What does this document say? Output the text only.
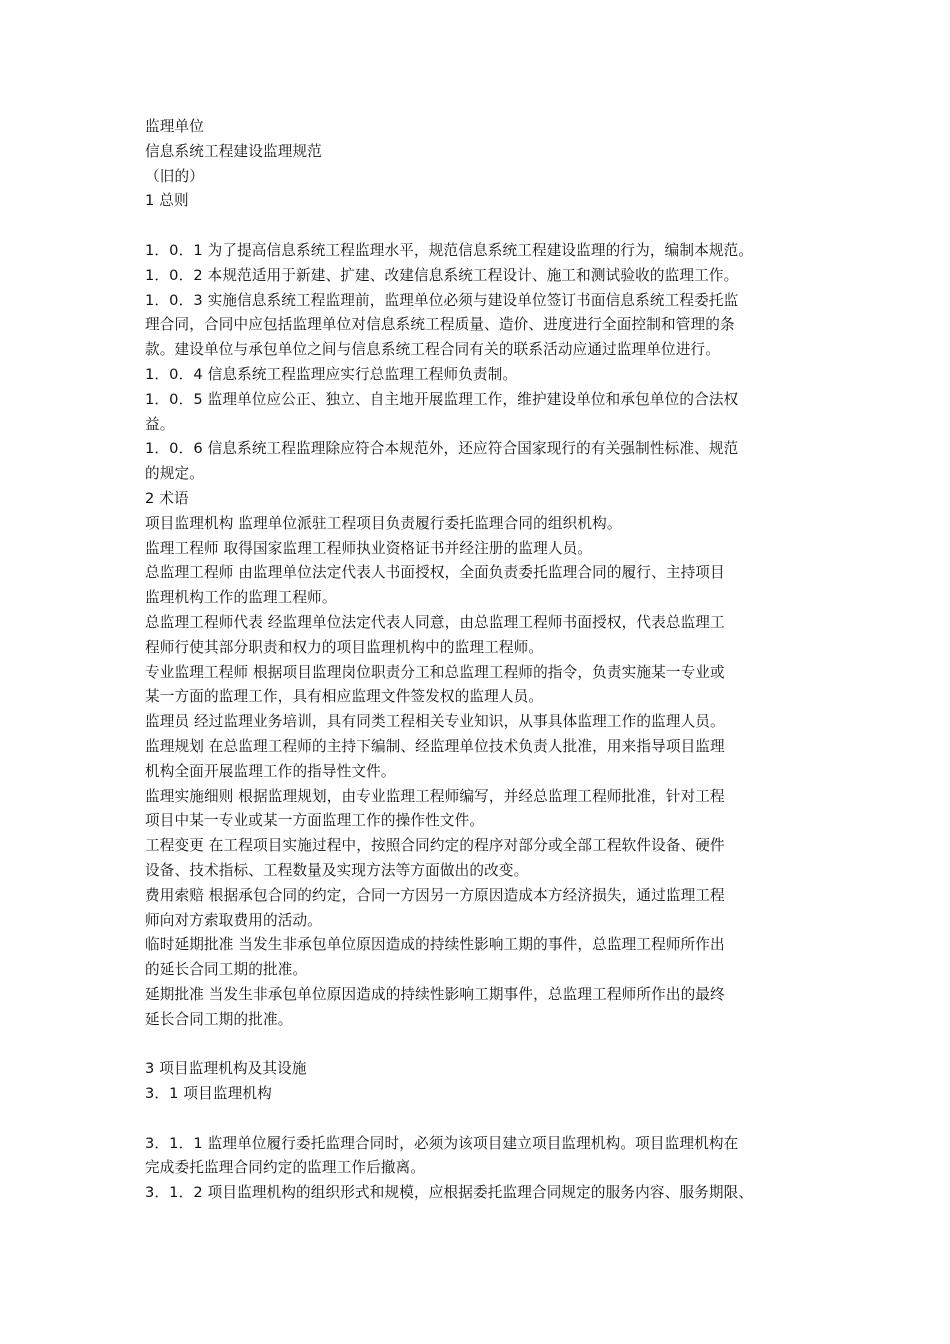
监理单位
信息系统工程建设监理规范
（旧的）
1 总则
1．0．1 为了提高信息系统工程监理水平，规范信息系统工程建设监理的行为，编制本规范。
1．0．2 本规范适用于新建、扩建、改建信息系统工程设计、施工和测试验收的监理工作。
1．0．3 实施信息系统工程监理前，监理单位必须与建设单位签订书面信息系统工程委托监
理合同，合同中应包括监理单位对信息系统工程质量、造价、进度进行全面控制和管理的条
款。建设单位与承包单位之间与信息系统工程合同有关的联系活动应通过监理单位进行。
1．0．4 信息系统工程监理应实行总监理工程师负责制。
1．0．5 监理单位应公正、独立、自主地开展监理工作，维护建设单位和承包单位的合法权
益。
1．0．6 信息系统工程监理除应符合本规范外，还应符合国家现行的有关强制性标准、规范
的规定。
2 术语
项目监理机构 监理单位派驻工程项目负责履行委托监理合同的组织机构。
监理工程师 取得国家监理工程师执业资格证书并经注册的监理人员。
总监理工程师 由监理单位法定代表人书面授权，全面负责委托监理合同的履行、主持项目
监理机构工作的监理工程师。
总监理工程师代表 经监理单位法定代表人同意，由总监理工程师书面授权，代表总监理工
程师行使其部分职责和权力的项目监理机构中的监理工程师。
专业监理工程师 根据项目监理岗位职责分工和总监理工程师的指令，负责实施某一专业或
某一方面的监理工作，具有相应监理文件签发权的监理人员。
监理员 经过监理业务培训，具有同类工程相关专业知识，从事具体监理工作的监理人员。
监理规划 在总监理工程师的主持下编制、经监理单位技术负责人批准，用来指导项目监理
机构全面开展监理工作的指导性文件。
监理实施细则 根据监理规划，由专业监理工程师编写，并经总监理工程师批准，针对工程
项目中某一专业或某一方面监理工作的操作性文件。
工程变更 在工程项目实施过程中，按照合同约定的程序对部分或全部工程软件设备、硬件
设备、技术指标、工程数量及实现方法等方面做出的改变。
费用索赔 根据承包合同的约定，合同一方因另一方原因造成本方经济损失，通过监理工程
师向对方索取费用的活动。
临时延期批准 当发生非承包单位原因造成的持续性影响工期的事件，总监理工程师所作出
的延长合同工期的批准。
延期批准 当发生非承包单位原因造成的持续性影响工期事件，总监理工程师所作出的最终
延长合同工期的批准。
3 项目监理机构及其设施
3．1 项目监理机构
3．1．1 监理单位履行委托监理合同时，必须为该项目建立项目监理机构。项目监理机构在
完成委托监理合同约定的监理工作后撤离。
3．1．2 项目监理机构的组织形式和规模，应根据委托监理合同规定的服务内容、服务期限、
